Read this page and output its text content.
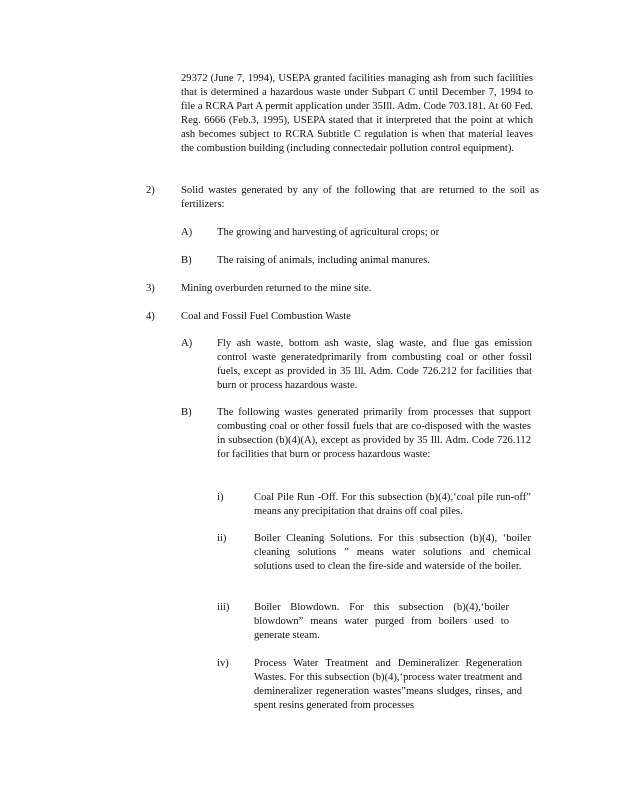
29372 (June 7, 1994), USEPA granted facilities managing ash from such facilities that is determined a hazardous waste under Subpart C until December 7, 1994 to file a RCRA Part A permit application under 35Ill. Adm. Code 703.181. At 60 Fed. Reg. 6666 (Feb.3, 1995), USEPA stated that it interpreted that the point at which ash becomes subject to RCRA Subtitle C regulation is when that material leaves the combustion building (including connectedair pollution control equipment).
2) Solid wastes generated by any of the following that are returned to the soil as fertilizers:
A) The growing and harvesting of agricultural crops; or
B) The raising of animals, including animal manures.
3) Mining overburden returned to the mine site.
4) Coal and Fossil Fuel Combustion Waste
A) Fly ash waste, bottom ash waste, slag waste, and flue gas emission control waste generatedprimarily from combusting coal or other fossil fuels, except as provided in 35 Ill. Adm. Code 726.212 for facilities that burn or process hazardous waste.
B) The following wastes generated primarily from processes that support combusting coal or other fossil fuels that are co-disposed with the wastes in subsection (b)(4)(A), except as provided by 35 Ill. Adm. Code 726.112 for facilities that burn or process hazardous waste:
i)	Coal Pile Run -Off. For this subsection (b)(4),‘coal pile run-off” means any precipitation that drains off coal piles.
ii)	Boiler Cleaning Solutions. For this subsection (b)(4), ‘boiler cleaning solutions ” means water solutions and chemical solutions used to clean the fire-side and waterside of the boiler.
iii) Boiler Blowdown. For this subsection (b)(4),‘boiler blowdown” means water purged from boilers used to generate steam.
iv) Process Water Treatment and Demineralizer Regeneration Wastes. For this subsection (b)(4),‘process water treatment and demineralizer regeneration wastes”means sludges, rinses, and spent resins generated from processes
